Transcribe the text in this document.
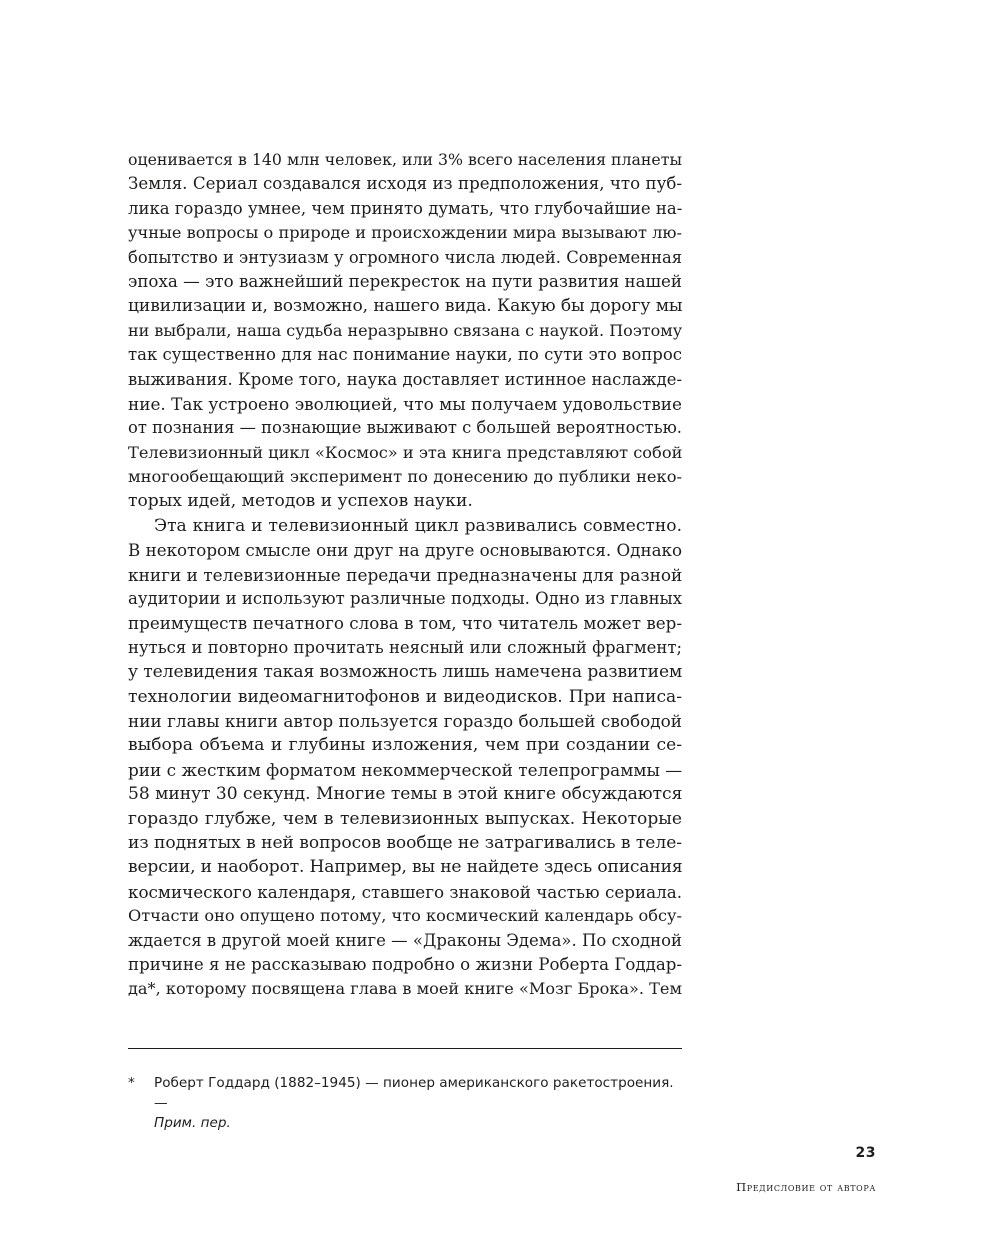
оценивается в 140 млн человек, или 3% всего населения планеты
Земля. Сериал создавался исходя из предположения, что пуб-
лика гораздо умнее, чем принято думать, что глубочайшие на-
учные вопросы о природе и происхождении мира вызывают лю-
бопытство и энтузиазм у огромного числа людей. Современная
эпоха — это важнейший перекресток на пути развития нашей
цивилизации и, возможно, нашего вида. Какую бы дорогу мы
ни выбрали, наша судьба неразрывно связана с наукой. Поэтому
так существенно для нас понимание науки, по сути это вопрос
выживания. Кроме того, наука доставляет истинное наслажде-
ние. Так устроено эволюцией, что мы получаем удовольствие
от познания — познающие выживают с большей вероятностью.
Телевизионный цикл «Космос» и эта книга представляют собой
многообещающий эксперимент по донесению до публики неко-
торых идей, методов и успехов науки.

Эта книга и телевизионный цикл развивались совместно.
В некотором смысле они друг на друге основываются. Однако
книги и телевизионные передачи предназначены для разной
аудитории и используют различные подходы. Одно из главных
преимуществ печатного слова в том, что читатель может вер-
нуться и повторно прочитать неясный или сложный фрагмент;
у телевидения такая возможность лишь намечена развитием
технологии видеомагнитофонов и видеодисков. При написа-
нии главы книги автор пользуется гораздо большей свободой
выбора объема и глубины изложения, чем при создании се-
рии с жестким форматом некоммерческой телепрограммы —
58 минут 30 секунд. Многие темы в этой книге обсуждаются
гораздо глубже, чем в телевизионных выпусках. Некоторые
из поднятых в ней вопросов вообще не затрагивались в теле-
версии, и наоборот. Например, вы не найдете здесь описания
космического календаря, ставшего знаковой частью сериала.
Отчасти оно опущено потому, что космический календарь обсу-
ждается в другой моей книге — «Драконы Эдема». По сходной
причине я не рассказываю подробно о жизни Роберта Годдар-
да*, которому посвящена глава в моей книге «Мозг Брока». Тем

* Роберт Годдард (1882–1945) — пионер американского ракетостроения. —
Прим. пер.
23
Предисловие от автора
